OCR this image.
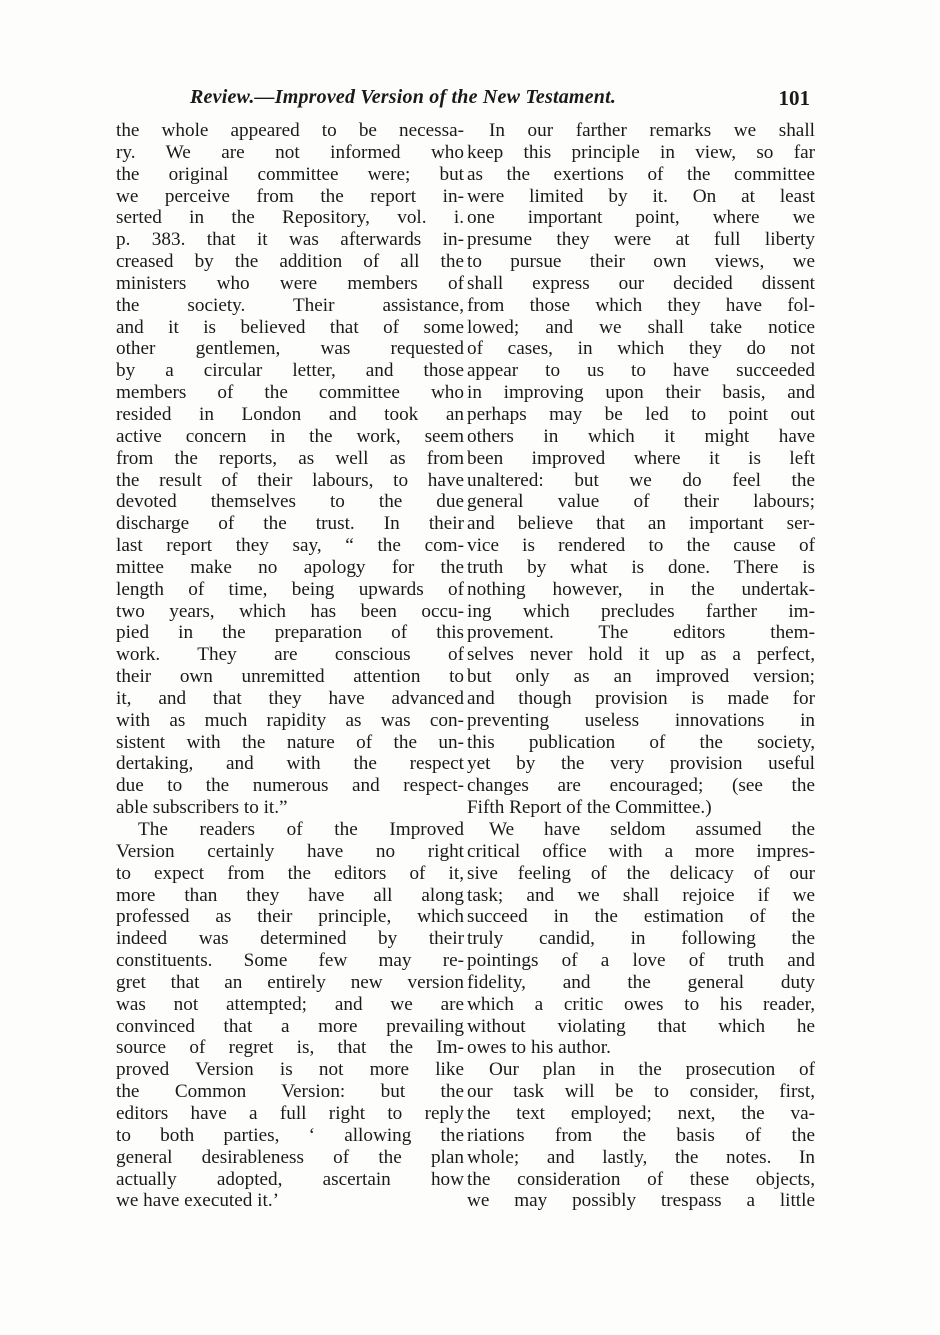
Review.—Improved Version of the New Testament.	101
the whole appeared to be necessa-
ry. We are not informed who
the original committee were; but
we perceive from the report in-
serted in the Repository, vol. i.
p. 383. that it was afterwards in-
creased by the addition of all the
ministers who were members of
the society. Their assistance,
and it is believed that of some
other gentlemen, was requested
by a circular letter, and those
members of the committee who
resided in London and took an
active concern in the work, seem
from the reports, as well as from
the result of their labours, to have
devoted themselves to the due
discharge of the trust. In their
last report they say, “ the com-
mittee make no apology for the
length of time, being upwards of
two years, which has been occu-
pied in the preparation of this
work. They are conscious of
their own unremitted attention to
it, and that they have advanced
with as much rapidity as was con-
sistent with the nature of the un-
dertaking, and with the respect
due to the numerous and respect-
able subscribers to it.”
The readers of the Improved
Version certainly have no right
to expect from the editors of it,
more than they have all along
professed as their principle, which
indeed was determined by their
constituents. Some few may re-
gret that an entirely new version
was not attempted; and we are
convinced that a more prevailing
source of regret is, that the Im-
proved Version is not more like
the Common Version: but the
editors have a full right to reply
to both parties, ‘ allowing the
general desirableness of the plan
actually adopted, ascertain how
we have executed it.’
In our farther remarks we shall
keep this principle in view, so far
as the exertions of the committee
were limited by it. On at least
one important point, where we
presume they were at full liberty
to pursue their own views, we
shall express our decided dissent
from those which they have fol-
lowed; and we shall take notice
of cases, in which they do not
appear to us to have succeeded
in improving upon their basis, and
perhaps may be led to point out
others in which it might have
been improved where it is left
unaltered: but we do feel the
general value of their labours;
and believe that an important ser-
vice is rendered to the cause of
truth by what is done. There is
nothing however, in the undertak-
ing which precludes farther im-
provement. The editors them-
selves never hold it up as a perfect,
but only as an improved version;
and though provision is made for
preventing useless innovations in
this publication of the society,
yet by the very provision useful
changes are encouraged; (see the
Fifth Report of the Committee.)
We have seldom assumed the
critical office with a more impres-
sive feeling of the delicacy of our
task; and we shall rejoice if we
succeed in the estimation of the
truly candid, in following the
pointings of a love of truth and
fidelity, and the general duty
which a critic owes to his reader,
without violating that which he
owes to his author.
Our plan in the prosecution of
our task will be to consider, first,
the text employed; next, the va-
riations from the basis of the
whole; and lastly, the notes. In
the consideration of these objects,
we may possibly trespass a little
